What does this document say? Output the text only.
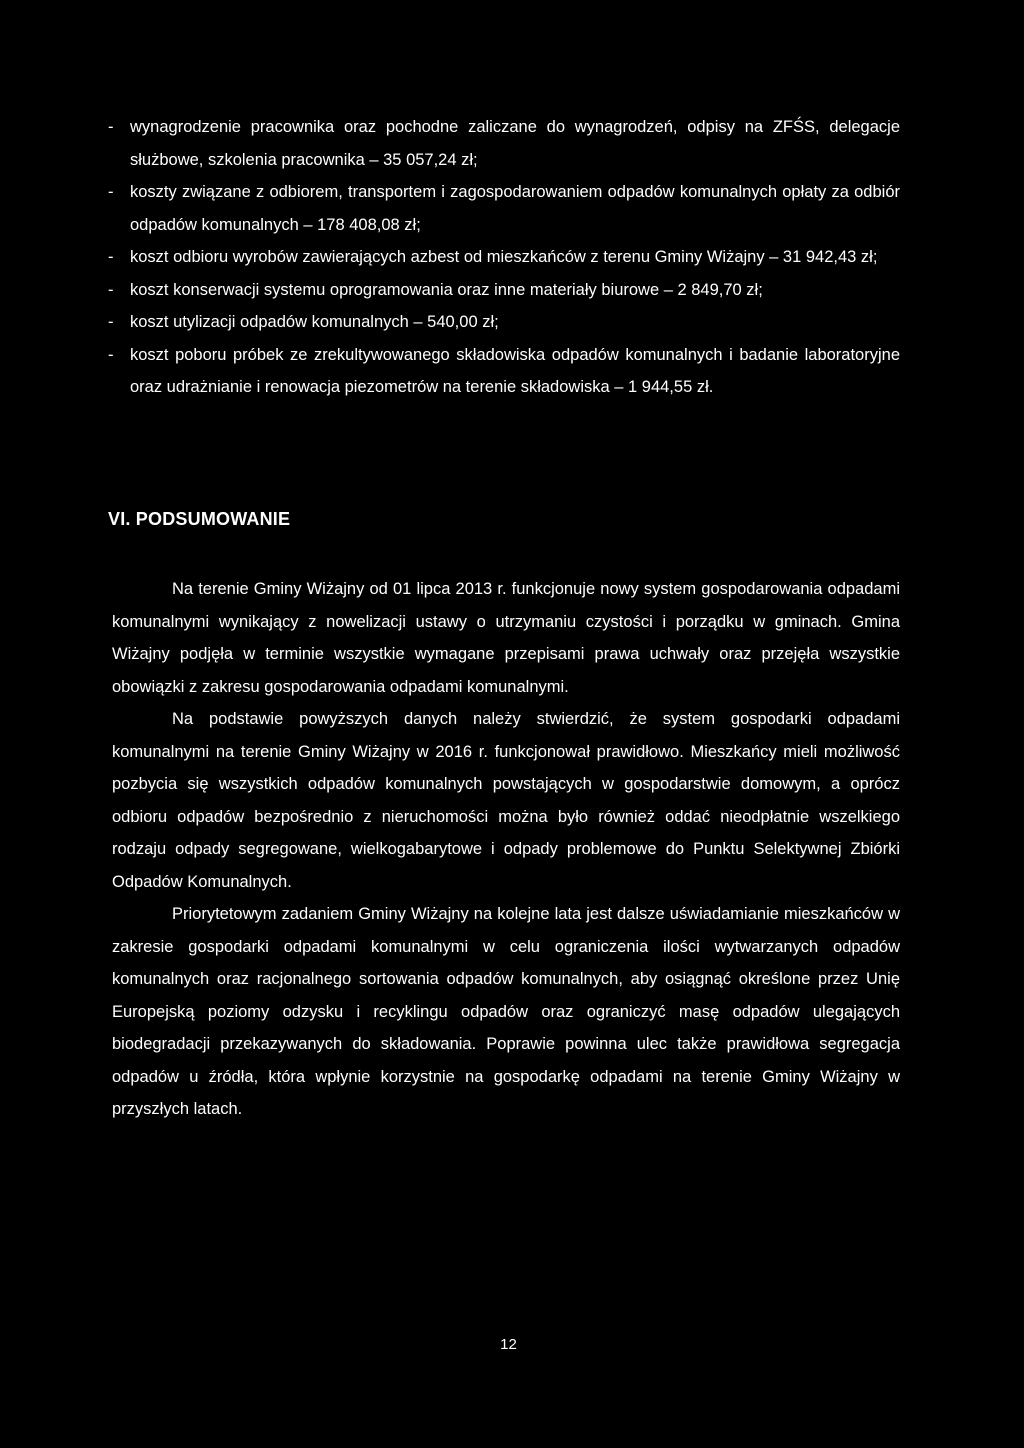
- wynagrodzenie pracownika oraz pochodne zaliczane do wynagrodzeń, odpisy na ZFŚS, delegacje służbowe, szkolenia pracownika – 35 057,24 zł;
- koszty związane z odbiorem, transportem i zagospodarowaniem odpadów komunalnych opłaty za odbiór odpadów komunalnych – 178 408,08 zł;
- koszt odbioru wyrobów zawierających azbest od mieszkańców z terenu Gminy Wiżajny – 31 942,43 zł;
- koszt konserwacji systemu oprogramowania oraz inne materiały biurowe – 2 849,70 zł;
- koszt utylizacji odpadów komunalnych – 540,00 zł;
- koszt poboru próbek ze zrekultywowanego składowiska odpadów komunalnych i badanie laboratoryjne oraz udrażnianie i renowacja piezometrów na terenie składowiska – 1 944,55 zł.
VI. PODSUMOWANIE

Na terenie Gminy Wiżajny od 01 lipca 2013 r. funkcjonuje nowy system gospodarowania odpadami komunalnymi wynikający z nowelizacji ustawy o utrzymaniu czystości i porządku w gminach. Gmina Wiżajny podjęła w terminie wszystkie wymagane przepisami prawa uchwały oraz przejęła wszystkie obowiązki z zakresu gospodarowania odpadami komunalnymi.

Na podstawie powyższych danych należy stwierdzić, że system gospodarki odpadami komunalnymi na terenie Gminy Wiżajny w 2016 r. funkcjonował prawidłowo. Mieszkańcy mieli możliwość pozbycia się wszystkich odpadów komunalnych powstających w gospodarstwie domowym, a oprócz odbioru odpadów bezpośrednio z nieruchomości można było również oddać nieodpłatnie wszelkiego rodzaju odpady segregowane, wielkogabarytowe i odpady problemowe do Punktu Selektywnej Zbiórki Odpadów Komunalnych.

Priorytetowym zadaniem Gminy Wiżajny na kolejne lata jest dalsze uświadamianie mieszkańców w zakresie gospodarki odpadami komunalnymi w celu ograniczenia ilości wytwarzanych odpadów komunalnych oraz racjonalnego sortowania odpadów komunalnych, aby osiągnąć określone przez Unię Europejską poziomy odzysku i recyklingu odpadów oraz ograniczyć masę odpadów ulegających biodegradacji przekazywanych do składowania. Poprawie powinna ulec także prawidłowa segregacja odpadów u źródła, która wpłynie korzystnie na gospodarkę odpadami na terenie Gminy Wiżajny w przyszłych latach.

12
